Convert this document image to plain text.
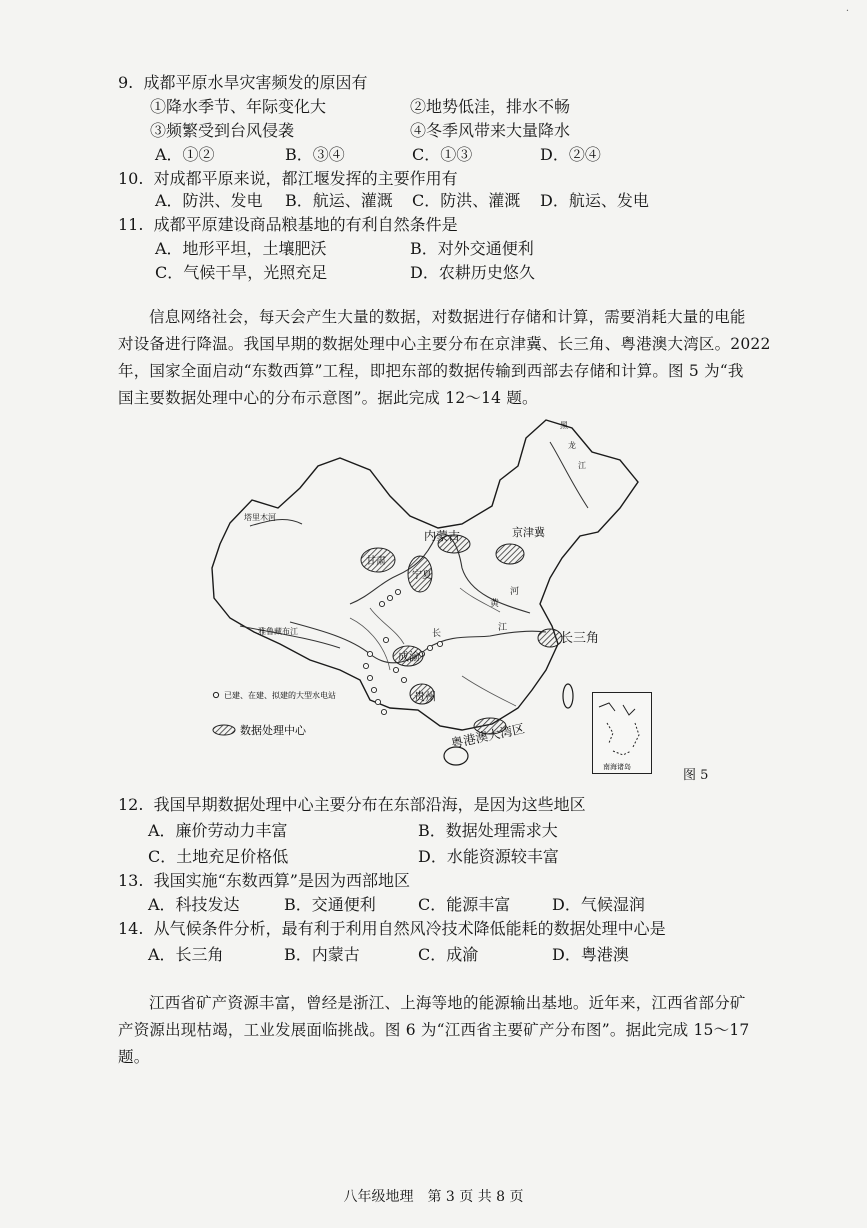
·
9. 成都平原水旱灾害频发的原因有
①降水季节、年际变化大	②地势低洼，排水不畅
③频繁受到台风侵袭	④冬季风带来大量降水
A．①②	B．③④	C．①③	D．②④
10. 对成都平原来说，都江堰发挥的主要作用有
A．防洪、发电 B．航运、灌溉 C．防洪、灌溉 D．航运、发电
11. 成都平原建设商品粮基地的有利自然条件是
A．地形平坦，土壤肥沃	B．对外交通便利
C．气候干旱，光照充足	D．农耕历史悠久
信息网络社会，每天会产生大量的数据，对数据进行存储和计算，需要消耗大量的电能
对设备进行降温。我国早期的数据处理中心主要分布在京津冀、长三角、粤港澳大湾区。2022
年，国家全面启动“东数西算”工程，即把东部的数据传输到西部去存储和计算。图 5 为“我
国主要数据处理中心的分布示意图”。据此完成 12～14 题。
内蒙古	京津冀
长三角
成渝
贵州
粤港澳大湾区
甘肃
宁夏
塔里木河
雅鲁藏布江
黄
河
长
江
黑
龙
江
已建、在建、拟建的大型水电站
数据处理中心
南海诸岛
图 5
12. 我国早期数据处理中心主要分布在东部沿海，是因为这些地区
A．廉价劳动力丰富	B．数据处理需求大
C．土地充足价格低	D．水能资源较丰富
13. 我国实施“东数西算”是因为西部地区
A．科技发达	B．交通便利	C．能源丰富	D．气候湿润
14. 从气候条件分析，最有利于利用自然风冷技术降低能耗的数据处理中心是
A．长三角	B．内蒙古	C．成渝	D．粤港澳
江西省矿产资源丰富，曾经是浙江、上海等地的能源输出基地。近年来，江西省部分矿
产资源出现枯竭，工业发展面临挑战。图 6 为“江西省主要矿产分布图”。据此完成 15～17
题。
八年级地理　第 3 页 共 8 页
